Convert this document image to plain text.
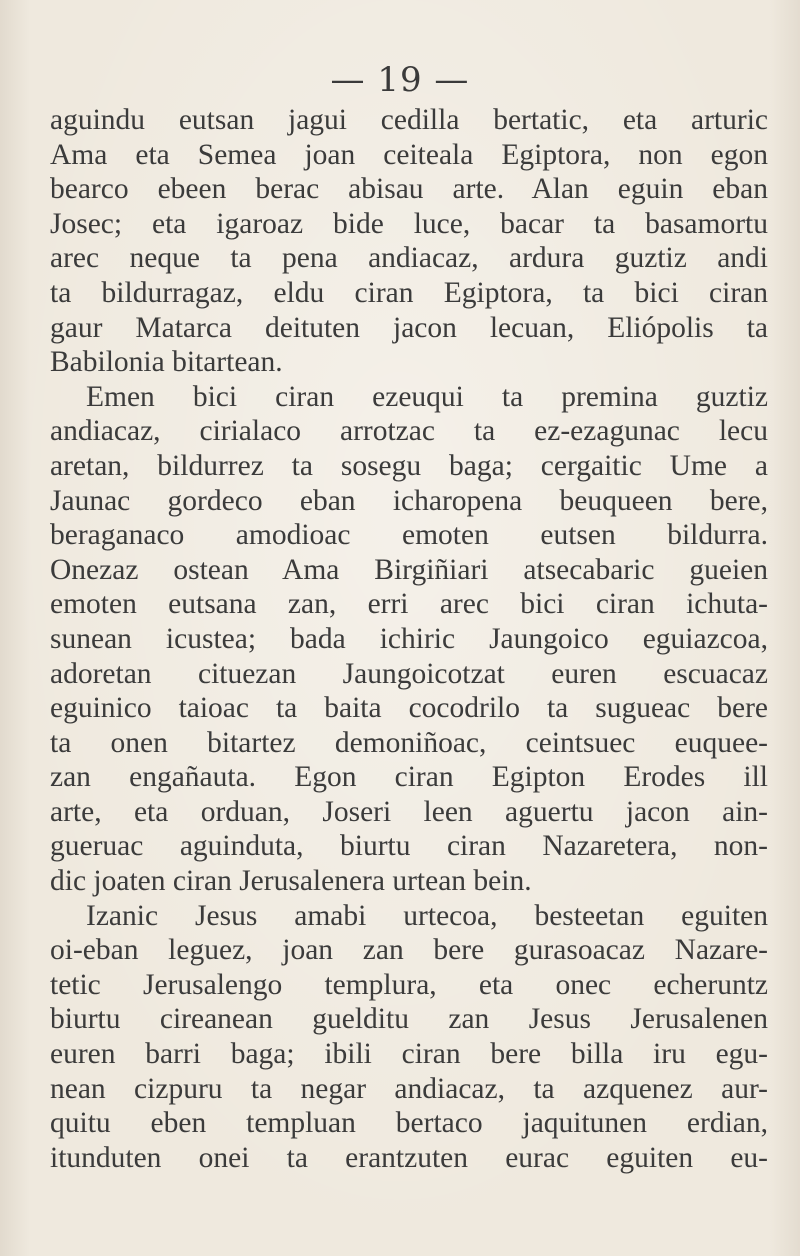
— 19 —
aguindu eutsan jagui cedilla bertatic, eta arturic
Ama eta Semea joan ceiteala Egiptora, non egon
bearco ebeen berac abisau arte. Alan eguin eban
Josec; eta igaroaz bide luce, bacar ta basamortu
arec neque ta pena andiacaz, ardura guztiz andi
ta bildurragaz, eldu ciran Egiptora, ta bici ciran
gaur Matarca deituten jacon lecuan, Eliópolis ta
Babilonia bitartean.
Emen bici ciran ezeuqui ta premina guztiz
andiacaz, cirialaco arrotzac ta ez-ezagunac lecu
aretan, bildurrez ta sosegu baga; cergaitic Ume a
Jaunac gordeco eban icharopena beuqueen bere,
beraganaco amodioac emoten eutsen bildurra.
Onezaz ostean Ama Birgiñiari atsecabaric gueien
emoten eutsana zan, erri arec bici ciran ichuta-
sunean icustea; bada ichiric Jaungoico eguiazcoa,
adoretan cituezan Jaungoicotzat euren escuacaz
eguinico taioac ta baita cocodrilo ta sugueac bere
ta onen bitartez demoniñoac, ceintsuec euquee-
zan engañauta. Egon ciran Egipton Erodes ill
arte, eta orduan, Joseri leen aguertu jacon ain-
gueruac aguinduta, biurtu ciran Nazaretera, non-
dic joaten ciran Jerusalenera urtean bein.
Izanic Jesus amabi urtecoa, besteetan eguiten
oi-eban leguez, joan zan bere gurasoacaz Nazare-
tetic Jerusalengo templura, eta onec echeruntz
biurtu cireanean guelditu zan Jesus Jerusalenen
euren barri baga; ibili ciran bere billa iru egu-
nean cizpuru ta negar andiacaz, ta azquenez aur-
quitu eben templuan bertaco jaquitunen erdian,
itunduten onei ta erantzuten eurac eguiten eu-
